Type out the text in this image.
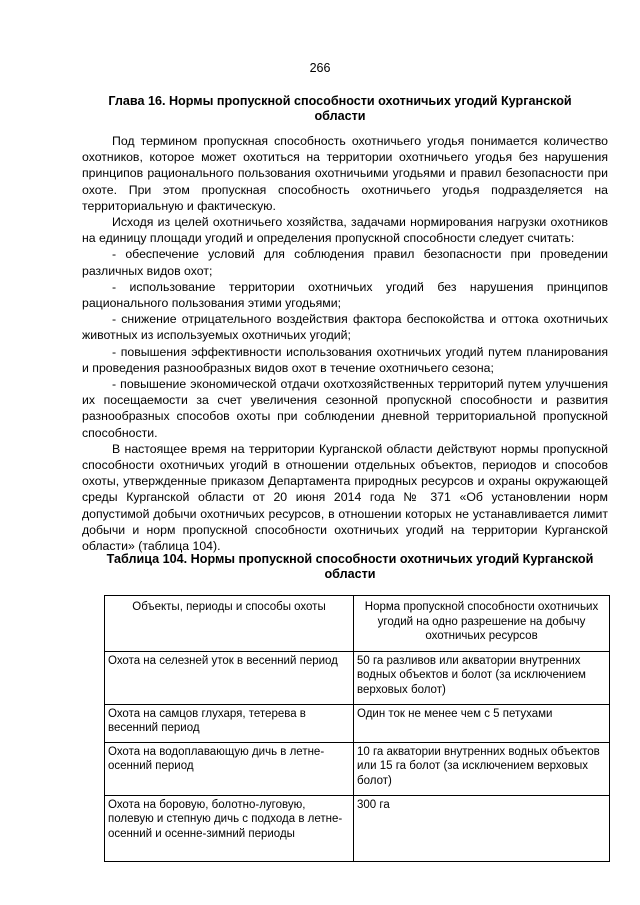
266
Глава 16. Нормы пропускной способности охотничьих угодий Курганской области

Под термином пропускная способность охотничьего угодья понимается количество охотников, которое может охотиться на территории охотничьего угодья без нарушения принципов рационального пользования охотничьими угодьями и правил безопасности при охоте. При этом пропускная способность охотничьего угодья подразделяется на территориальную и фактическую.

Исходя из целей охотничьего хозяйства, задачами нормирования нагрузки охотников на единицу площади угодий и определения пропускной способности следует считать:

- обеспечение условий для соблюдения правил безопасности при проведении различных видов охот;

- использование территории охотничьих угодий без нарушения принципов рационального пользования этими угодьями;

- снижение отрицательного воздействия фактора беспокойства и оттока охотничьих животных из используемых охотничьих угодий;

- повышения эффективности использования охотничьих угодий путем планирования и проведения разнообразных видов охот в течение охотничьего сезона;

- повышение экономической отдачи охотхозяйственных территорий путем улучшения их посещаемости за счет увеличения сезонной пропускной способности и развития разнообразных способов охоты при соблюдении дневной территориальной пропускной способности.

В настоящее время на территории Курганской области действуют нормы пропускной способности охотничьих угодий в отношении отдельных объектов, периодов и способов охоты, утвержденные приказом Департамента природных ресурсов и охраны окружающей среды Курганской области от 20 июня 2014 года № 371 «Об установлении норм допустимой добычи охотничьих ресурсов, в отношении которых не устанавливается лимит добычи и норм пропускной способности охотничьих угодий на территории Курганской области» (таблица 104).

Таблица 104. Нормы пропускной способности охотничьих угодий Курганской области
Объекты, периоды и способы охоты	Норма пропускной способности охотничьих угодий на одно разрешение на добычу охотничьих ресурсов
Охота на селезней уток в весенний период	50 га разливов или акватории внутренних водных объектов и болот (за исключением верховых болот)
Охота на самцов глухаря, тетерева в весенний период	Один ток не менее чем с 5 петухами
Охота на водоплавающую дичь в летне-осенний период	10 га акватории внутренних водных объектов или 15 га болот (за исключением верховых болот)
Охота на боровую, болотно-луговую, полевую и степную дичь с подхода в летне-осенний и осенне-зимний периоды	300 га
